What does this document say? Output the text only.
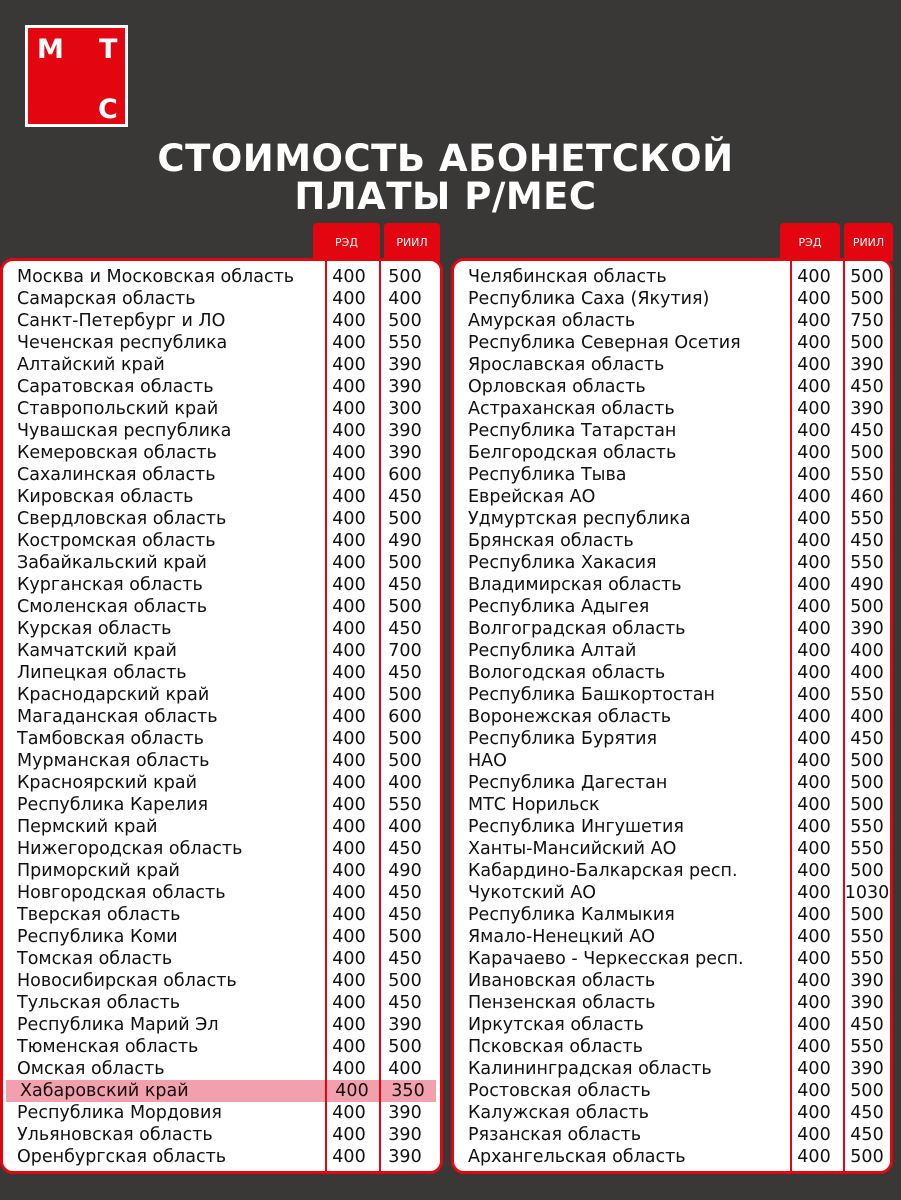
М Т
С
СТОИМОСТЬ АБОНЕТСКОЙ
ПЛАТЫ Р/МЕС
РЭД	РИИЛ	РЭД	РИИЛ
Оренбургская область	400	390
Ульяновская область	400	390
Республика Мордовия	400	390
Хабаровский край	400	350
Омская область	400	400
Тюменская область	400	500
Республика Марий Эл	400	390
Тульская область	400	450
Новосибирская область	400	500
Томская область	400	450
Республика Коми	400	500
Тверская область	400	450
Новгородская область	400	450
Приморский край	400	490
Нижегородская область	400	450
Пермский край	400	400
Республика Карелия	400	550
Красноярский край	400	400
Мурманская область	400	500
Тамбовская область	400	500
Магаданская область	400	600
Краснодарский край	400	500
Липецкая область	400	450
Камчатский край	400	700
Курская область	400	450
Смоленская область	400	500
Курганская область	400	450
Забайкальский край	400	500
Костромская область	400	490
Свердловская область	400	500
Кировская область	400	450
Сахалинская область	400	600
Кемеровская область	400	390
Чувашская республика	400	390
Ставропольский край	400	300
Саратовская область	400	390
Алтайский край	400	390
Чеченская республика	400	550
Санкт-Петербург и ЛО	400	500
Самарская область	400	400
Москва и Московская область	400	500
Архангельская область	400	500
Рязанская область	400	450
Калужская область	400	450
Ростовская область	400	500
Калининградская область	400	390
Псковская область	400	550
Иркутская область	400	450
Пензенская область	400	390
Ивановская область	400	390
Карачаево - Черкесская респ.	400	550
Ямало-Ненецкий АО	400	550
Республика Калмыкия	400	500
Чукотский АО	400 1030
Кабардино-Балкарская респ.	400	500
Ханты-Мансийский АО	400	550
Республика Ингушетия	400	550
МТС Норильск	400	500
Республика Дагестан	400	500
НАО	400	500
Республика Бурятия	400	450
Воронежская область	400	400
Республика Башкортостан	400	550
Вологодская область	400	400
Республика Алтай	400	400
Волгоградская область	400	390
Республика Адыгея	400	500
Владимирская область	400	490
Республика Хакасия	400	550
Брянская область	400	450
Удмуртская республика	400	550
Еврейская АО	400	460
Республика Тыва	400	550
Белгородская область	400	500
Республика Татарстан	400	450
Астраханская область	400	390
Орловская область	400	450
Ярославская область	400	390
Республика Северная Осетия	400	500
Амурская область	400	750
Республика Саха (Якутия)	400	500
Челябинская область	400	500
